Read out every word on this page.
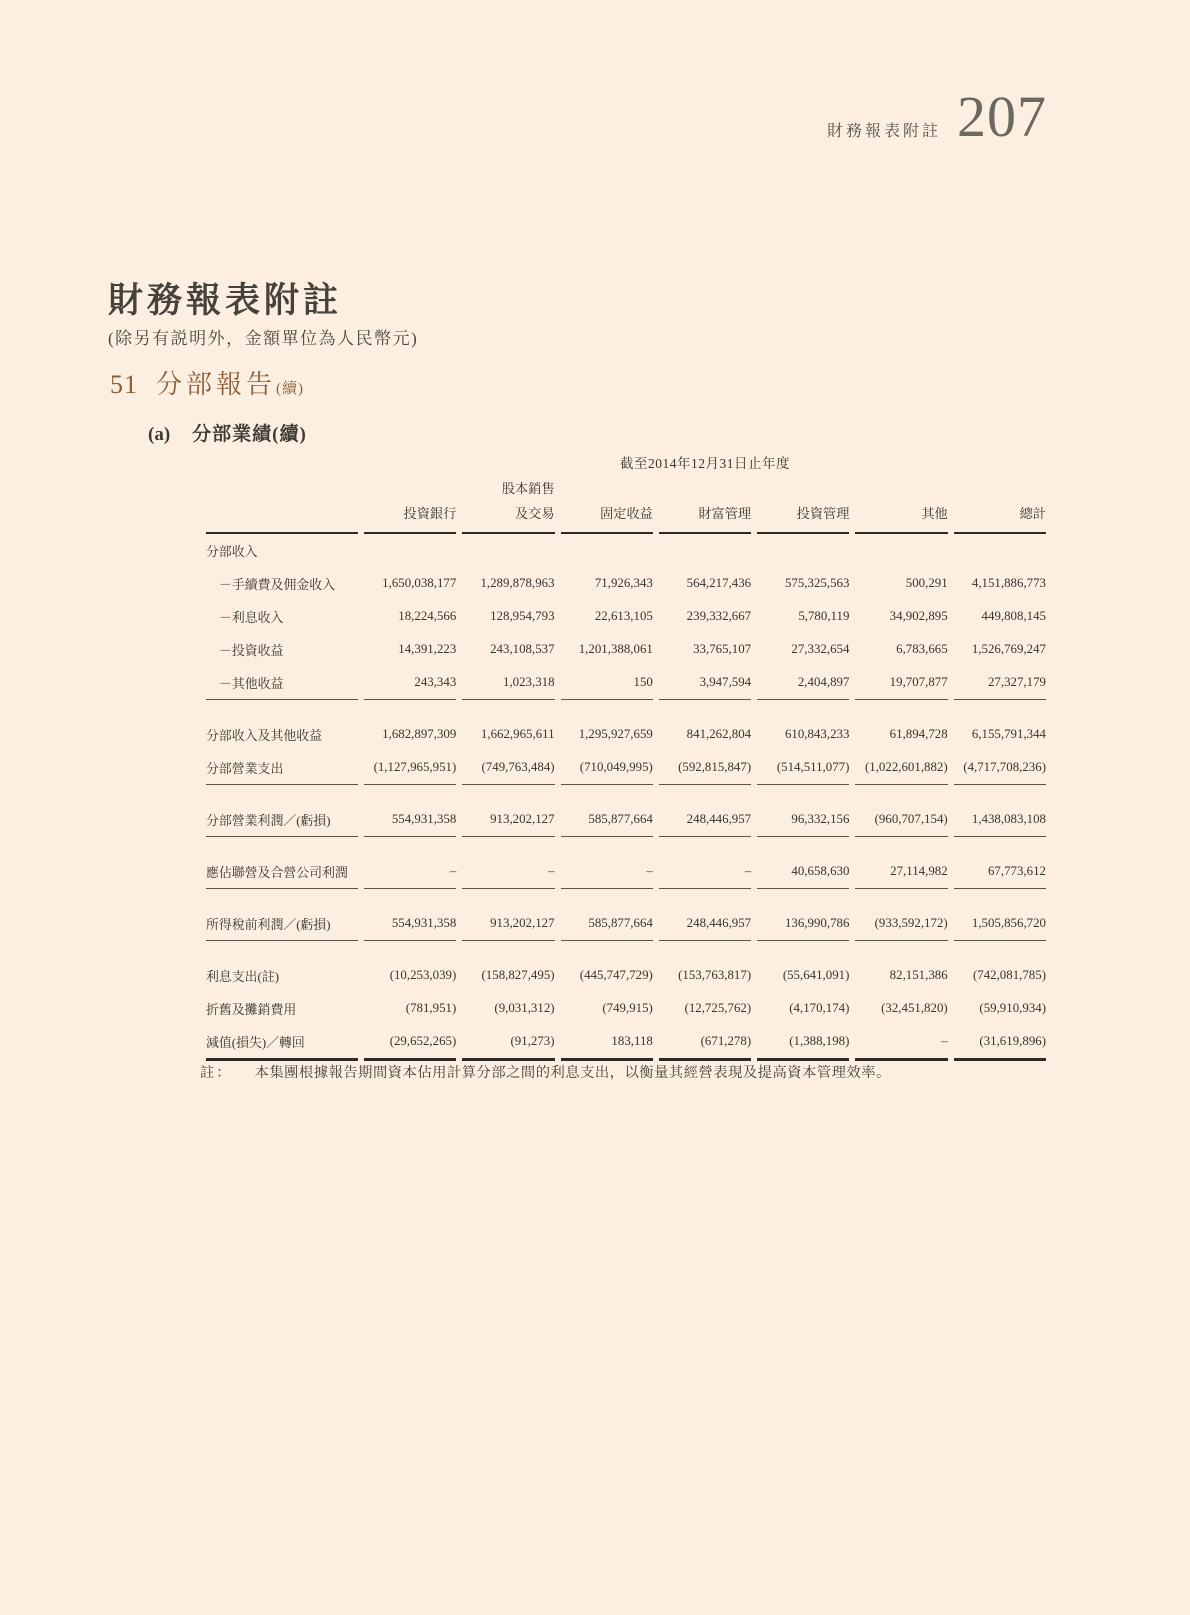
財務報表附註 207
財務報表附註
(除另有説明外，金額單位為人民幣元)
51 分部報告(續)
(a) 分部業績(續)
	截至2014年12月31日止年度						
	投資銀行	股本銷售
及交易	固定收益	財富管理	投資管理	其他	總計
分部收入							
－手續費及佣金收入	1,650,038,177	1,289,878,963	71,926,343	564,217,436	575,325,563	500,291	4,151,886,773
－利息收入	18,224,566	128,954,793	22,613,105	239,332,667	5,780,119	34,902,895	449,808,145
－投資收益	14,391,223	243,108,537	1,201,388,061	33,765,107	27,332,654	6,783,665	1,526,769,247
－其他收益	243,343	1,023,318	150	3,947,594	2,404,897	19,707,877	27,327,179

分部收入及其他收益	1,682,897,309	1,662,965,611	1,295,927,659	841,262,804	610,843,233	61,894,728	6,155,791,344
分部營業支出	(1,127,965,951)	(749,763,484)	(710,049,995)	(592,815,847)	(514,511,077)	(1,022,601,882)	(4,717,708,236)

分部營業利潤／(虧損)	554,931,358	913,202,127	585,877,664	248,446,957	96,332,156	(960,707,154)	1,438,083,108

應佔聯營及合營公司利潤	–	–	–	–	40,658,630	27,114,982	67,773,612

所得稅前利潤／(虧損)	554,931,358	913,202,127	585,877,664	248,446,957	136,990,786	(933,592,172)	1,505,856,720

利息支出(註)	(10,253,039)	(158,827,495)	(445,747,729)	(153,763,817)	(55,641,091)	82,151,386	(742,081,785)
折舊及攤銷費用	(781,951)	(9,031,312)	(749,915)	(12,725,762)	(4,170,174)	(32,451,820)	(59,910,934)
減值(損失)／轉回	(29,652,265)	(91,273)	183,118	(671,278)	(1,388,198)	–	(31,619,896)
註： 本集團根據報告期間資本佔用計算分部之間的利息支出，以衡量其經營表現及提高資本管理效率。
